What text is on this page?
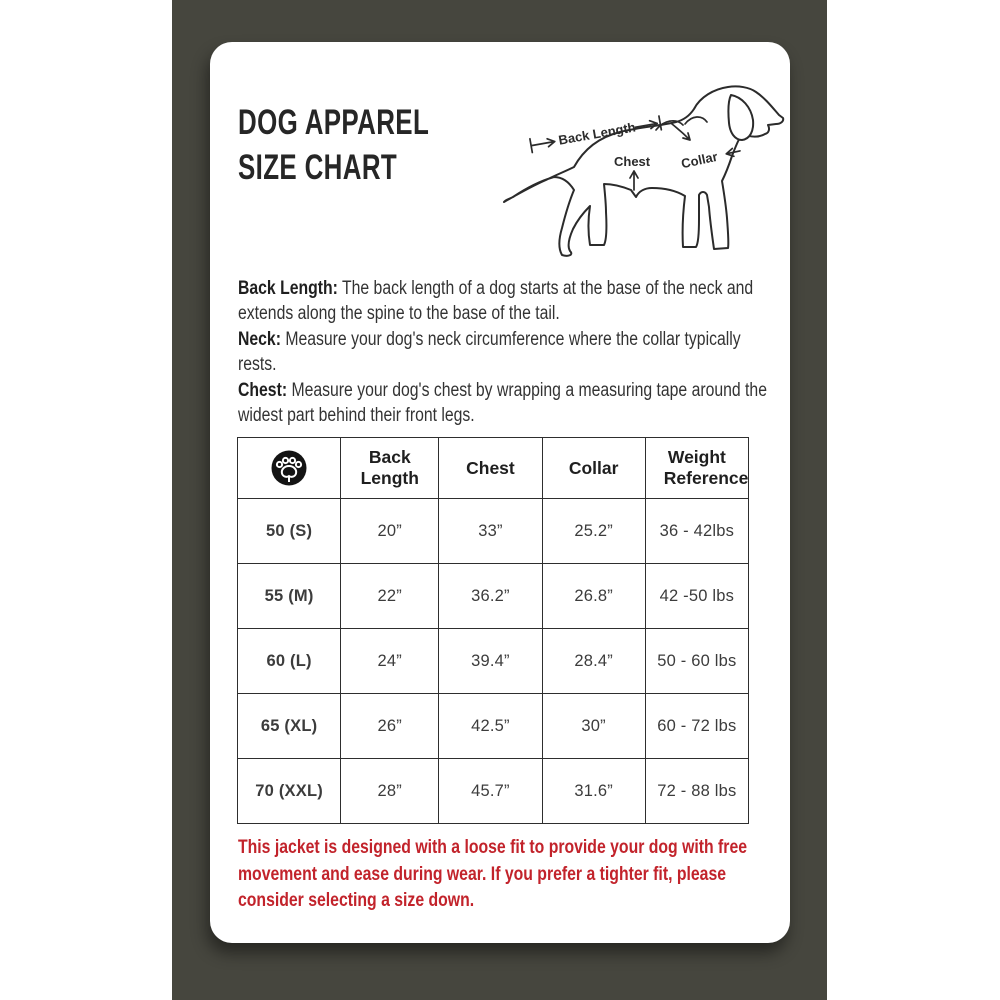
DOG APPAREL
SIZE CHART
Back Length
Collar
Chest
Back Length: The back length of a dog starts at the base of the neck and extends along the spine to the base of the tail.
Neck: Measure your dog's neck circumference where the collar typically rests.
Chest: Measure your dog's chest by wrapping a measuring tape around the widest part behind their front legs.
	Back Length	Chest	Collar	Weight Reference
50 (S)	20”	33”	25.2”	36 - 42lbs
55 (M)	22”	36.2”	26.8”	42 -50 lbs
60 (L)	24”	39.4”	28.4”	50 - 60 lbs
65 (XL)	26”	42.5”	30”	60 - 72 lbs
70 (XXL)	28”	45.7”	31.6”	72 - 88 lbs
This jacket is designed with a loose fit to provide your dog with free movement and ease during wear. If you prefer a tighter fit, please consider selecting a size down.
